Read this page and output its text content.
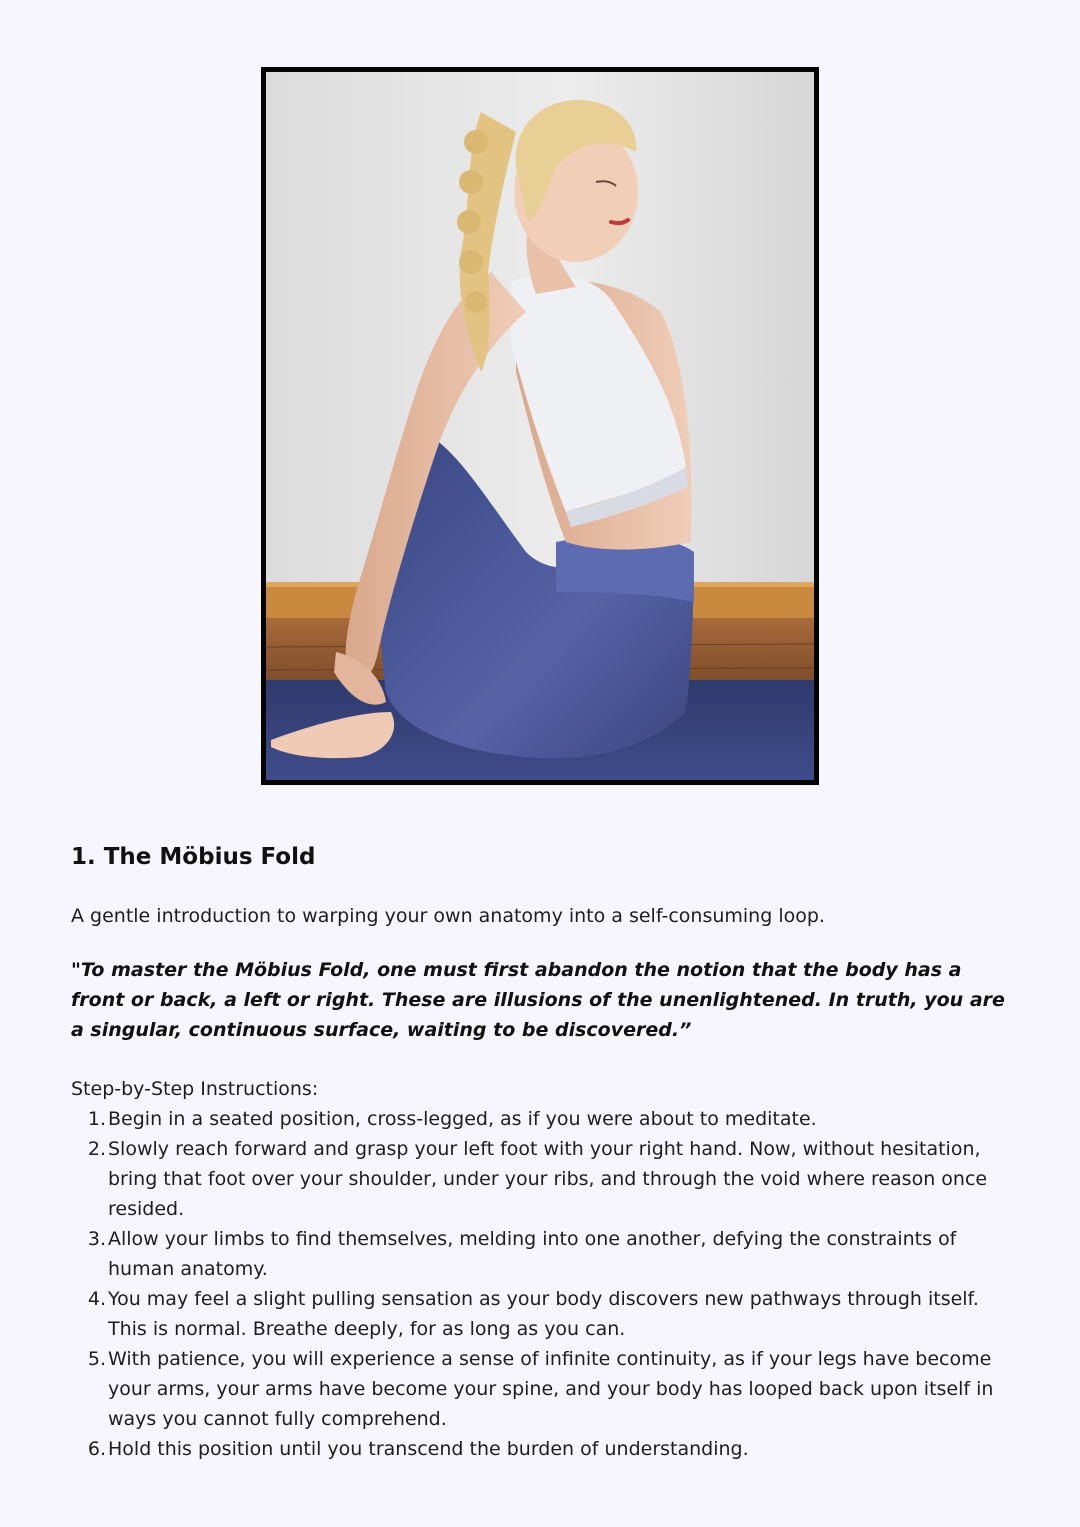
1. The Möbius Fold

A gentle introduction to warping your own anatomy into a self-consuming loop.

"To master the Möbius Fold, one must first abandon the notion that the body has a front or back, a left or right. These are illusions of the unenlightened. In truth, you are a singular, continuous surface, waiting to be discovered.”

Step-by-Step Instructions:

1. Begin in a seated position, cross-legged, as if you were about to meditate.
2. Slowly reach forward and grasp your left foot with your right hand. Now, without hesitation, bring that foot over your shoulder, under your ribs, and through the void where reason once resided.
3. Allow your limbs to find themselves, melding into one another, defying the constraints of human anatomy.
4. You may feel a slight pulling sensation as your body discovers new pathways through itself. This is normal. Breathe deeply, for as long as you can.
5. With patience, you will experience a sense of infinite continuity, as if your legs have become your arms, your arms have become your spine, and your body has looped back upon itself in ways you cannot fully comprehend.
6. Hold this position until you transcend the burden of understanding.
